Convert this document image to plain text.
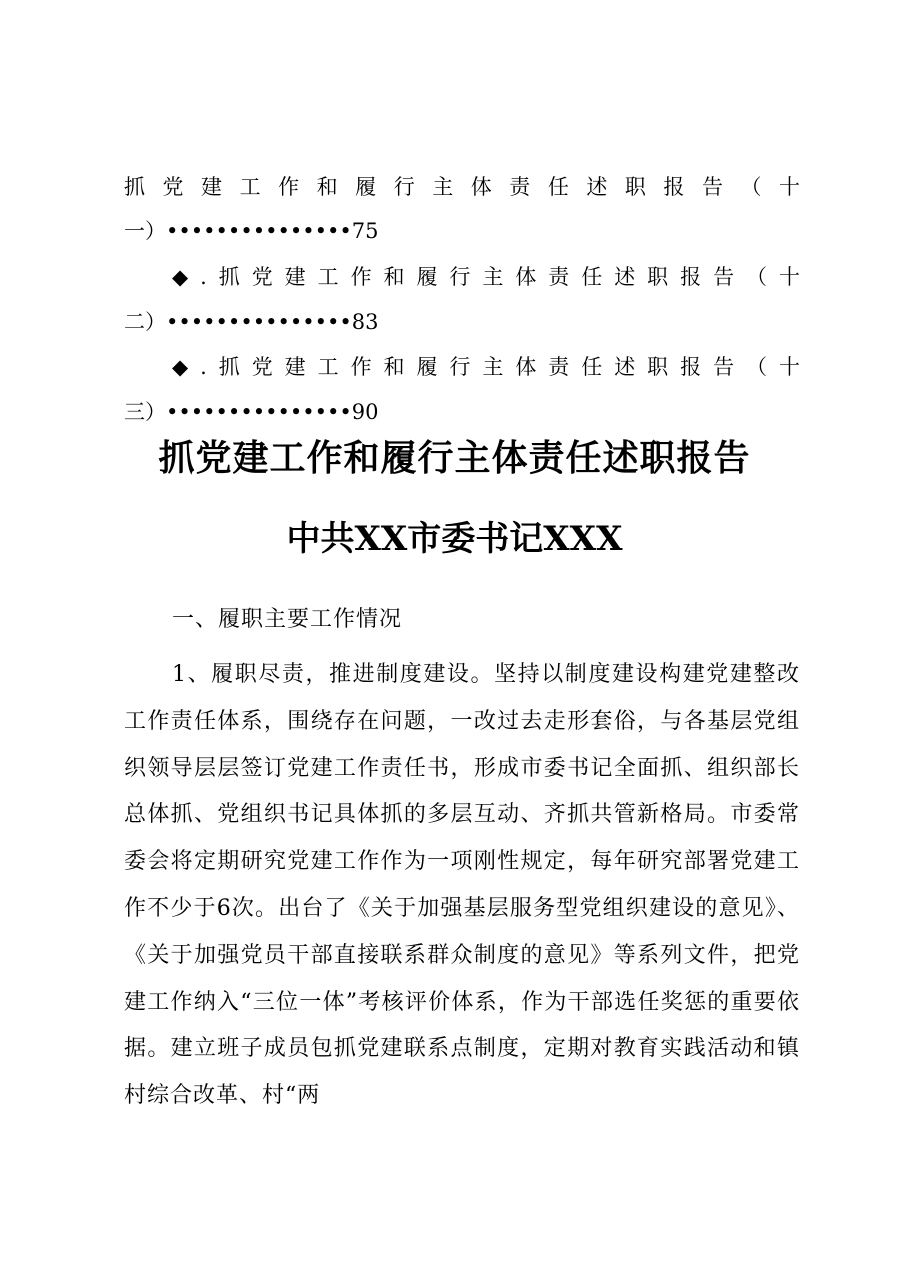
抓党建工作和履行主体责任述职报告（十
一）•••••••••••••••75
◆.抓党建工作和履行主体责任述职报告（十
二）•••••••••••••••83
◆.抓党建工作和履行主体责任述职报告（十
三）•••••••••••••••90
抓党建工作和履行主体责任述职报告
中共XX市委书记XXX
一、履职主要工作情况

1、履职尽责，推进制度建设。坚持以制度建设构建党建整改工作责任体系，围绕存在问题，一改过去走形套俗，与各基层党组织领导层层签订党建工作责任书，形成市委书记全面抓、组织部长总体抓、党组织书记具体抓的多层互动、齐抓共管新格局。市委常委会将定期研究党建工作作为一项刚性规定，每年研究部署党建工作不少于6次。出台了《关于加强基层服务型党组织建设的意见》、《关于加强党员干部直接联系群众制度的意见》等系列文件，把党建工作纳入“三位一体”考核评价体系，作为干部选任奖惩的重要依据。建立班子成员包抓党建联系点制度，定期对教育实践活动和镇村综合改革、村“两
